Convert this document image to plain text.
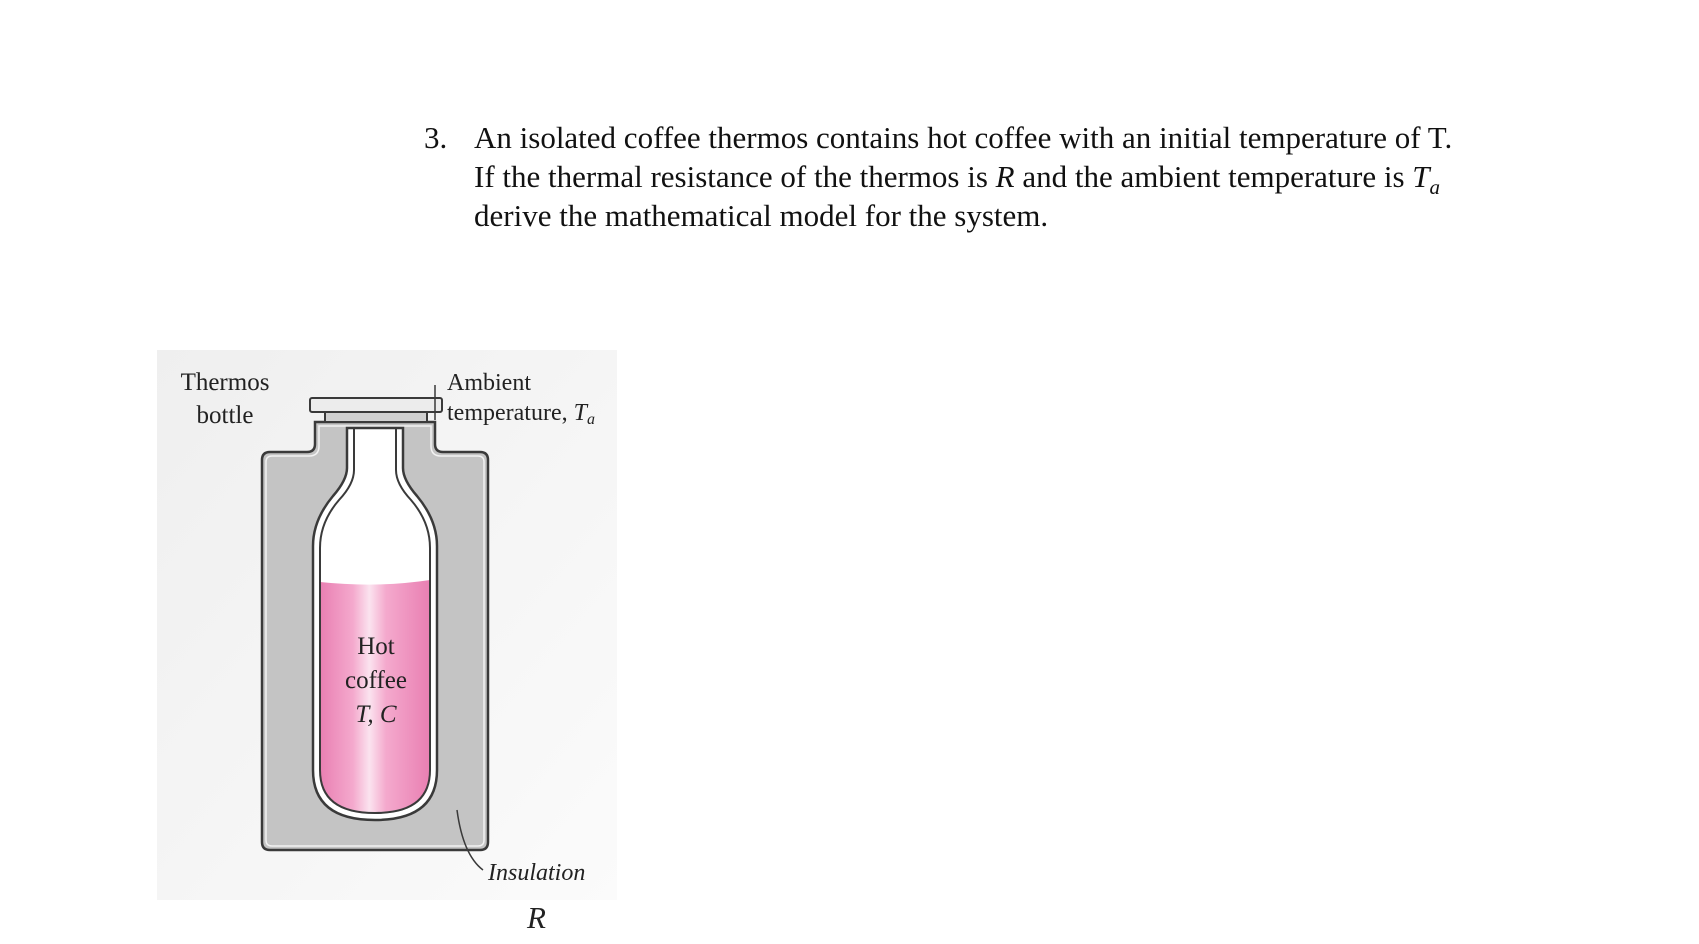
3. An isolated coffee thermos contains hot coffee with an initial temperature of T.
If the thermal resistance of the thermos is R and the ambient temperature is $T_a$
derive the mathematical model for the system.
Thermos
bottle
Ambient
temperature, $T_a$
Hot
coffee
T, C
Insulation
R
